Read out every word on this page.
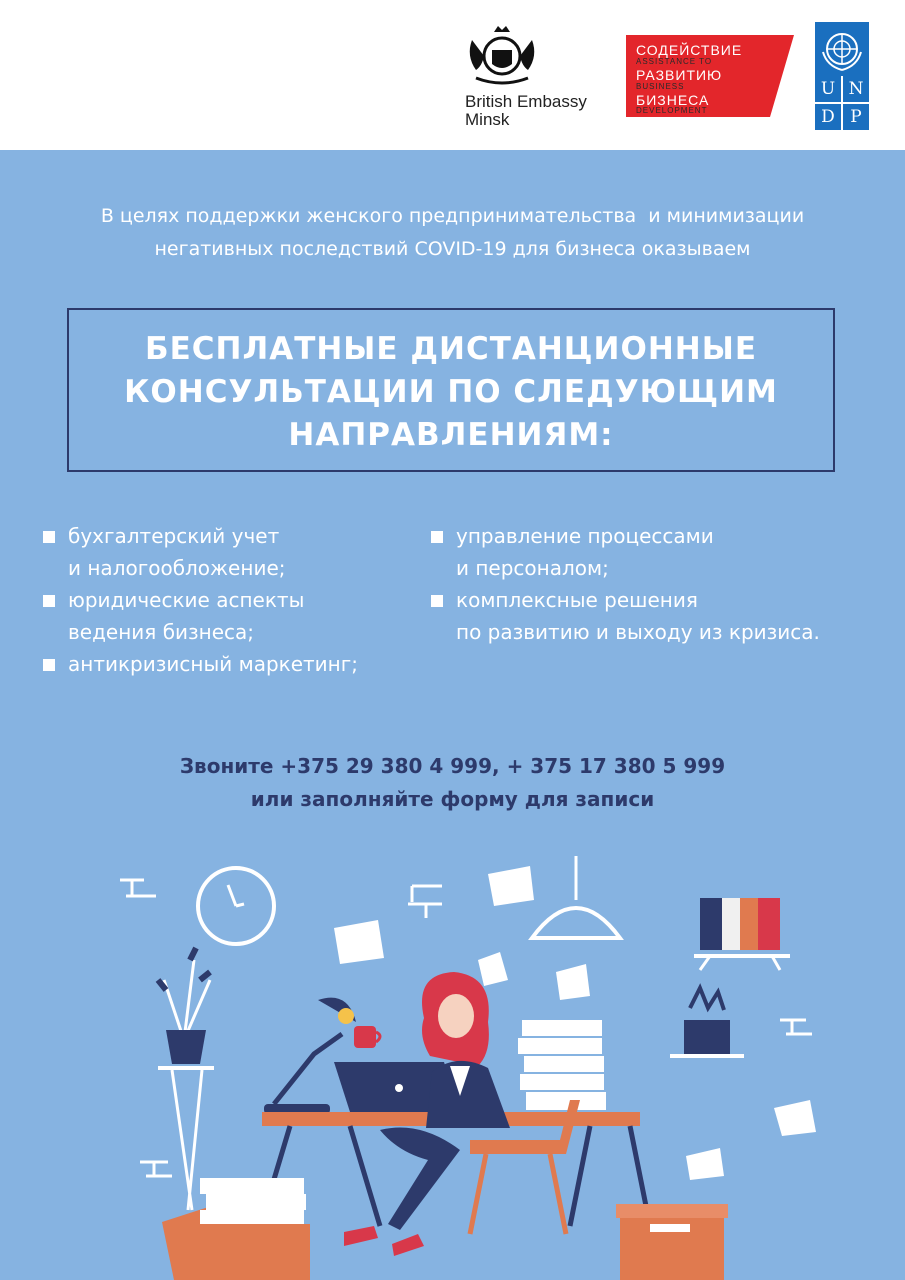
British Embassy
Minsk
СОДЕЙСТВИЕ
ASSISTANCE TO
РАЗВИТИЮ
BUSINESS
БИЗНЕСА
DEVELOPMENT
U N
D P
В целях поддержки женского предпринимательства  и минимизации
негативных последствий COVID-19 для бизнеса оказываем
БЕСПЛАТНЫЕ ДИСТАНЦИОННЫЕ
КОНСУЛЬТАЦИИ ПО СЛЕДУЮЩИМ
НАПРАВЛЕНИЯМ:
бухгалтерский учет
и налогообложение;
юридические аспекты
ведения бизнеса;
антикризисный маркетинг;
управление процессами
и персоналом;
комплексные решения
по развитию и выходу из кризиса.
Звоните +375 29 380 4 999, + 375 17 380 5 999
или заполняйте форму для записи
